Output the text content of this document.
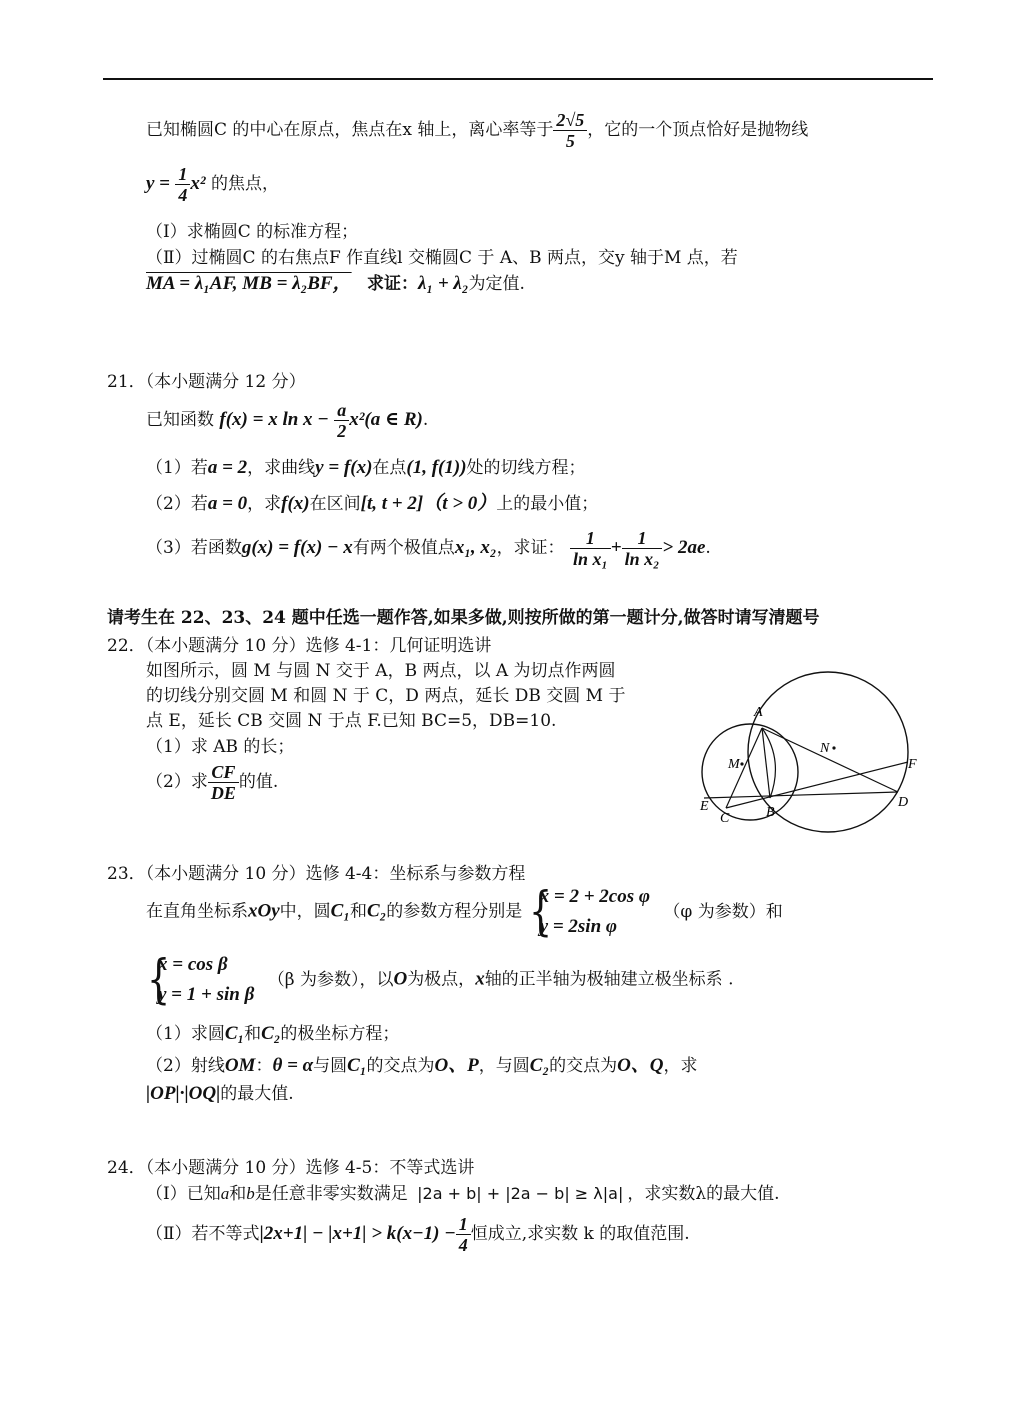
已知椭圆C 的中心在原点，焦点在x 轴上，离心率等于 $\frac{2√5}{5}$ ，它的一个顶点恰好是抛物线
$y = \frac{1}{4} x^2$ 的焦点，
（Ⅰ）求椭圆C 的标准方程；
（Ⅱ）过椭圆C 的右焦点F 作直线l 交椭圆C 于 A、B 两点，交y 轴于M 点，若
MA = λ₁AF, MB = λ₂BF， 求证：λ₁ + λ₂为定值.
21．（本小题满分 12 分）
已知函数 f(x) = x $\ln x - \frac{a}{2} x^2(a$ ∈ R).
（1）若a = 2，求曲线y = f(x)在点(1, f(1))处的切线方程；
（2）若a = 0，求f(x)在区间[t, t + 2]（t > 0）上的最小值；
（3）若函数g(x) = f(x) − x有两个极值点x₁, x₂，求证： $\frac{1}{\text{ln x₁}} + \frac{1}{\text{ln x₂}} > 2ae$.
请考生在 22、23、24 题中任选一题作答,如果多做,则按所做的第一题计分,做答时请写清题号
22．（本小题满分 10 分）选修 4-1：几何证明选讲
如图所示，圆 M 与圆 N 交于 A，B 两点，以 A 为切点作两圆
的切线分别交圆 M 和圆 N 于 C，D 两点，延长 DB 交圆 M 于
点 E，延长 CB 交圆 N 于点 F.已知 BC=5，DB=10.
（1）求 AB 的长；
（2）求 $\frac{CF}{DE}$ 的值.
A
B
C
D
E
F
M
N
23．（本小题满分 10 分）选修 4-4：坐标系与参数方程
在直角坐标系xOy中，圆C₁和C₂的参数方程分别是
{ x = 2 + 2cos φ
y = 2sin φ
（φ 为参数）和
{ x = cos β
y = 1 + sin β
（β 为参数），以O为极点，x轴的正半轴为极轴建立极坐标系 .
（1）求圆C₁和C₂的极坐标方程；
（2）射线OM：θ = α与圆C₁的交点为O、P，与圆C₂的交点为O、Q，求
|OP|·|OQ|的最大值.
24．（本小题满分 10 分）选修 4-5：不等式选讲
（Ⅰ）已知a和b是任意非零实数满足 |2a + b| + |2a − b| ≥ λ|a| ，求实数λ的最大值.
（Ⅱ）若不等式$|2x+1| - |x+1| > k(x-1) - \frac{1}{4}$ 恒成立,求实数 k 的取值范围.
